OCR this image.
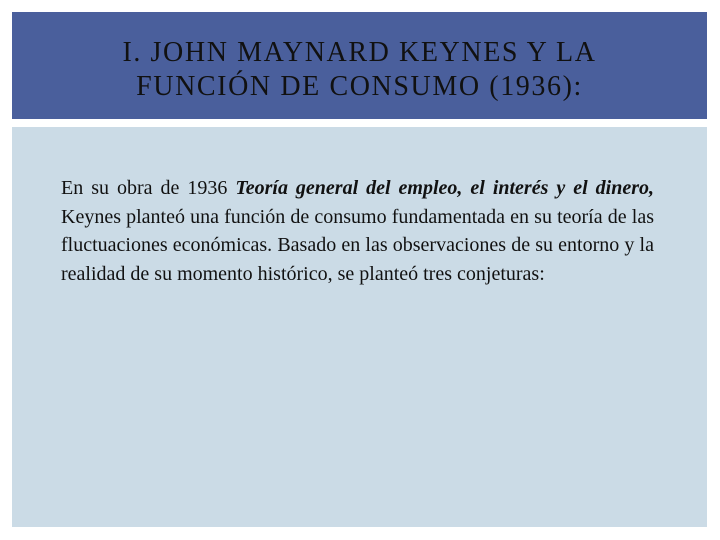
I. JOHN MAYNARD KEYNES Y LA
FUNCIÓN DE CONSUMO (1936):

En su obra de 1936 Teoría general del empleo, el interés y el dinero, Keynes planteó una función de consumo fundamentada en su teoría de las fluctuaciones económicas. Basado en las observaciones de su entorno y la realidad de su momento histórico, se planteó tres conjeturas:
